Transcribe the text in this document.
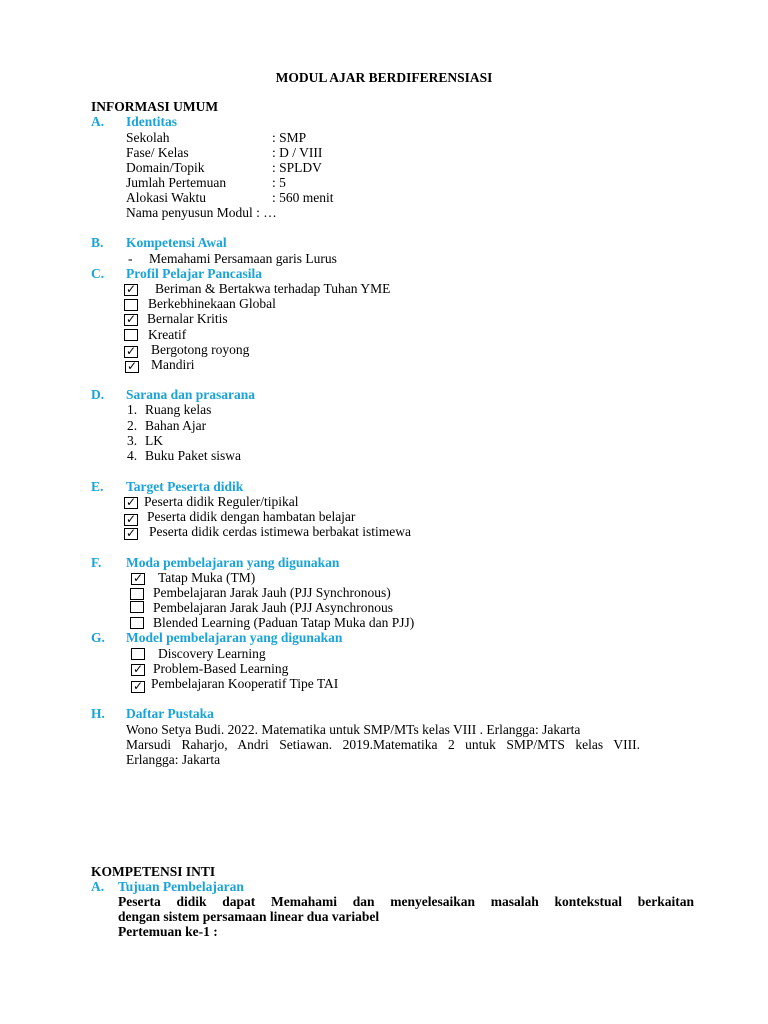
MODUL AJAR BERDIFERENSIASI
INFORMASI UMUM
A. Identitas
Sekolah	: SMP
Fase/ Kelas	: D / VIII
Domain/Topik	: SPLDV
Jumlah Pertemuan	: 5
Alokasi Waktu	: 560 menit
Nama penyusun Modul : …
B. Kompetensi Awal
- Memahami Persamaan garis Lurus
C. Profil Pelajar Pancasila
✓ Beriman & Bertakwa terhadap Tuhan YME
Berkebhinekaan Global
✓ Bernalar Kritis
Kreatif
✓ Bergotong royong
✓ Mandiri
D. Sarana dan prasarana
1. Ruang kelas
2. Bahan Ajar
3. LK
4. Buku Paket siswa
E. Target Peserta didik
✓ Peserta didik Reguler/tipikal
✓ Peserta didik dengan hambatan belajar
✓ Peserta didik cerdas istimewa berbakat istimewa
F. Moda pembelajaran yang digunakan
✓ Tatap Muka (TM)
Pembelajaran Jarak Jauh (PJJ Synchronous)
Pembelajaran Jarak Jauh (PJJ Asynchronous
Blended Learning (Paduan Tatap Muka dan PJJ)
G. Model pembelajaran yang digunakan
Discovery Learning
✓ Problem-Based Learning
✓ Pembelajaran Kooperatif Tipe TAI
H. Daftar Pustaka
Wono Setya Budi. 2022. Matematika untuk SMP/MTs kelas VIII . Erlangga: Jakarta
Marsudi Raharjo, Andri Setiawan. 2019.Matematika 2 untuk SMP/MTS kelas VIII.
Erlangga: Jakarta
KOMPETENSI INTI
A. Tujuan Pembelajaran
Peserta didik dapat Memahami dan menyelesaikan masalah kontekstual berkaitan
dengan sistem persamaan linear dua variabel
Pertemuan ke-1 :
